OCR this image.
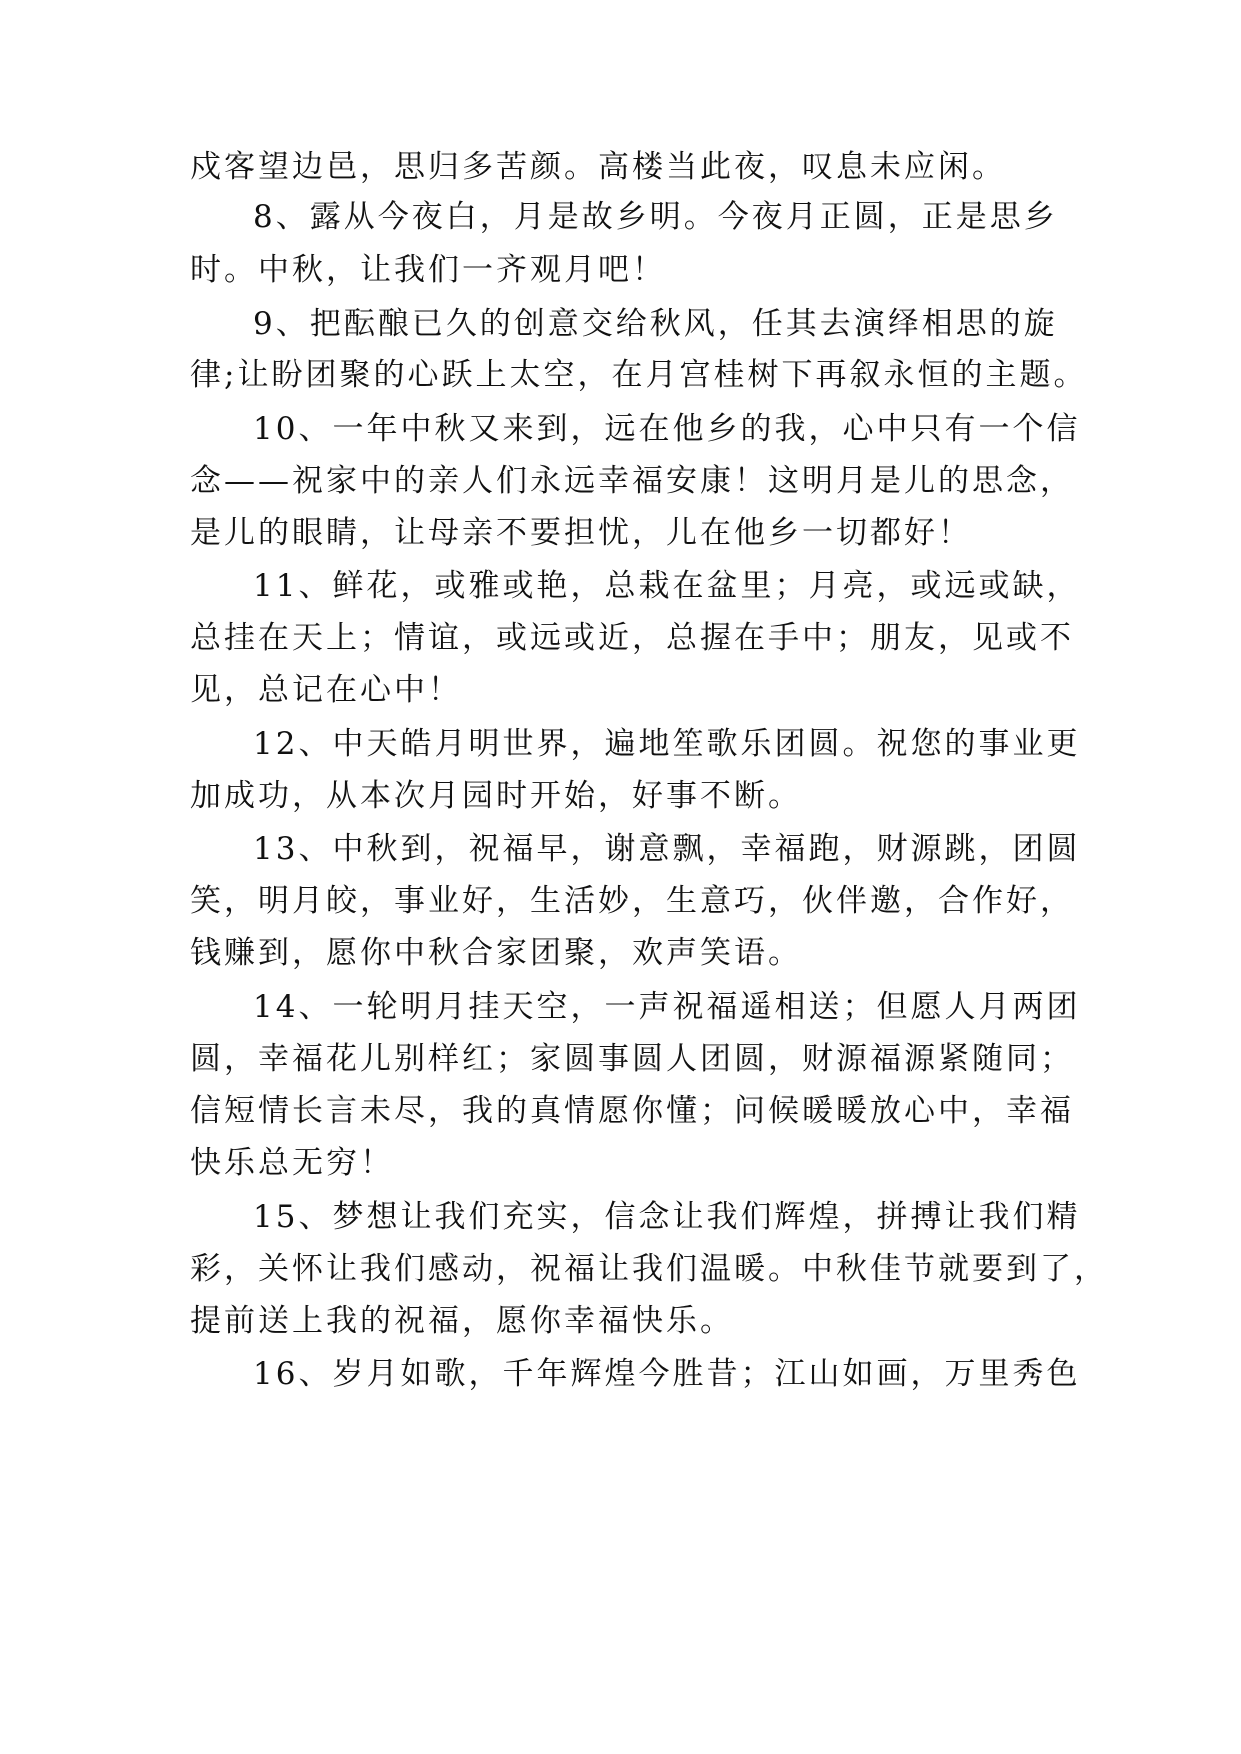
戍客望边邑，思归多苦颜。高楼当此夜，叹息未应闲。
8、露从今夜白，月是故乡明。今夜月正圆，正是思乡
时。中秋，让我们一齐观月吧！
9、把酝酿已久的创意交给秋风，任其去演绎相思的旋
律;让盼团聚的心跃上太空，在月宫桂树下再叙永恒的主题。
10、一年中秋又来到，远在他乡的我，心中只有一个信
念——祝家中的亲人们永远幸福安康！这明月是儿的思念，
是儿的眼睛，让母亲不要担忧，儿在他乡一切都好！
11、鲜花，或雅或艳，总栽在盆里；月亮，或远或缺，
总挂在天上；情谊，或远或近，总握在手中；朋友，见或不
见，总记在心中！
12、中天皓月明世界，遍地笙歌乐团圆。祝您的事业更
加成功，从本次月园时开始，好事不断。
13、中秋到，祝福早，谢意飘，幸福跑，财源跳，团圆
笑，明月皎，事业好，生活妙，生意巧，伙伴邀，合作好，
钱赚到，愿你中秋合家团聚，欢声笑语。
14、一轮明月挂天空，一声祝福遥相送；但愿人月两团
圆，幸福花儿别样红；家圆事圆人团圆，财源福源紧随同；
信短情长言未尽，我的真情愿你懂；问候暖暖放心中，幸福
快乐总无穷！
15、梦想让我们充实，信念让我们辉煌，拼搏让我们精
彩，关怀让我们感动，祝福让我们温暖。中秋佳节就要到了，
提前送上我的祝福，愿你幸福快乐。
16、岁月如歌，千年辉煌今胜昔；江山如画，万里秀色
